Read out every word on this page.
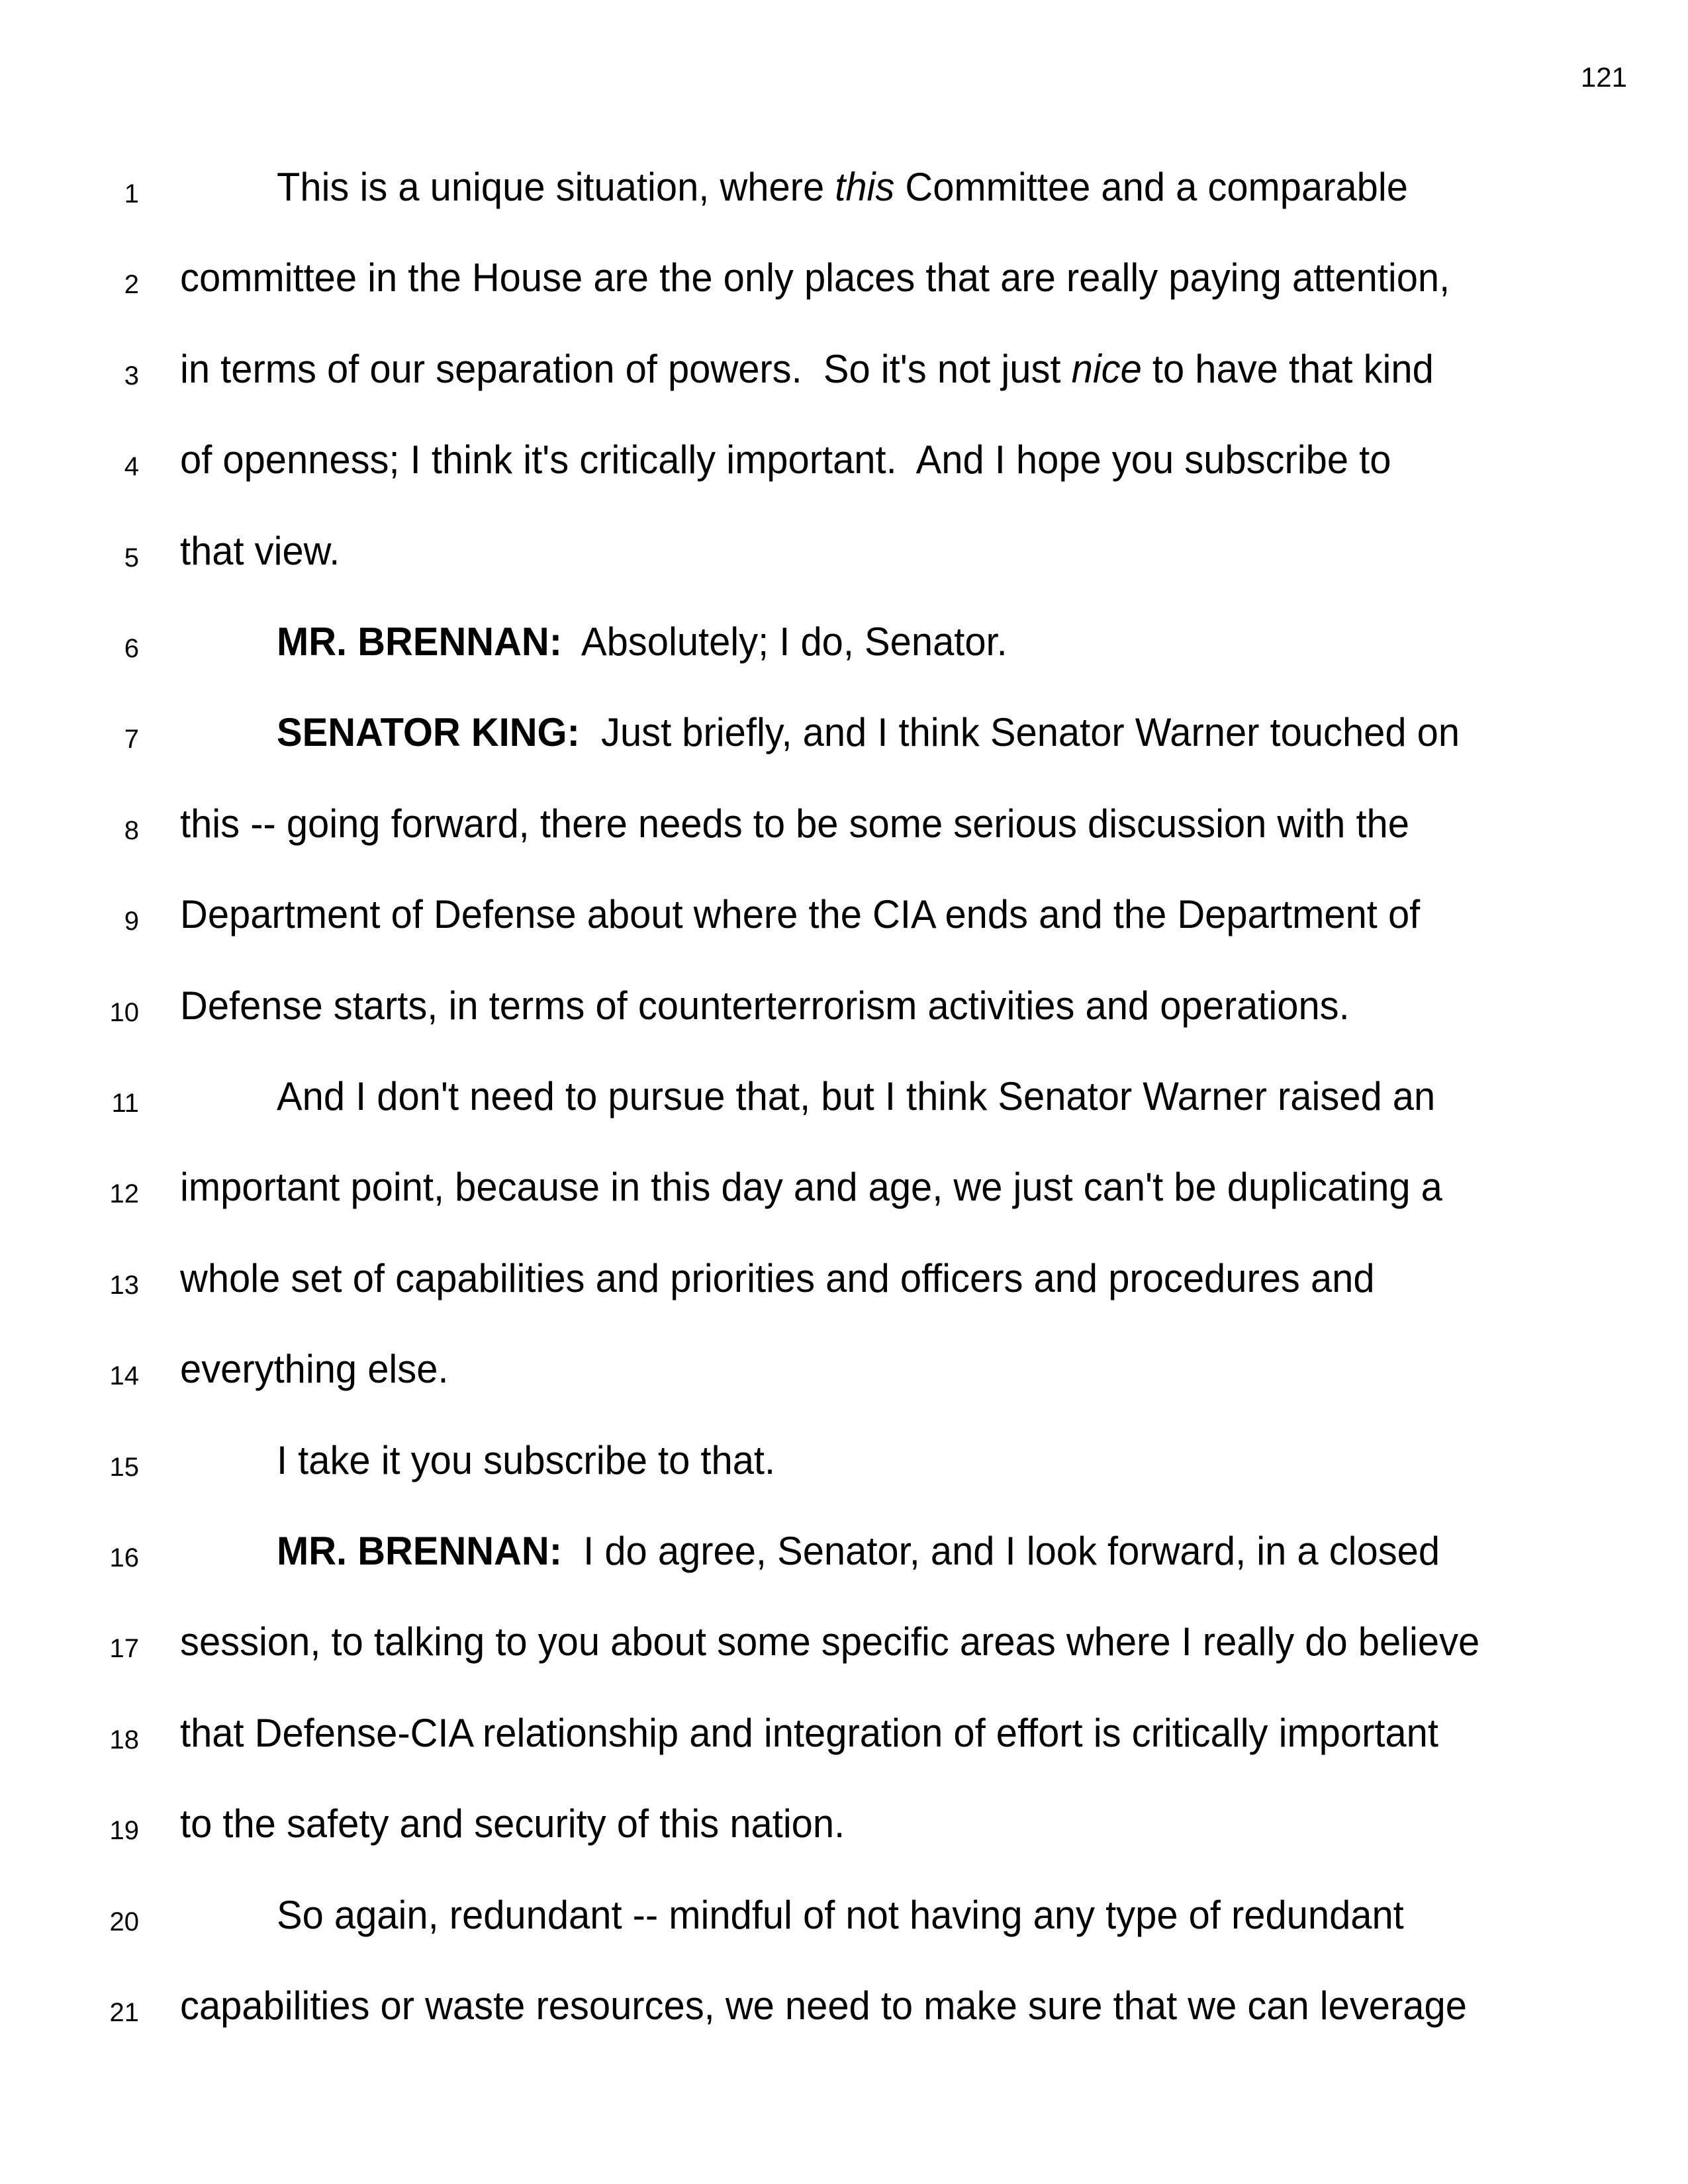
121
1	This is a unique situation, where this Committee and a comparable
2 committee in the House are the only places that are really paying attention,
3 in terms of our separation of powers.  So it's not just nice to have that kind
4 of openness; I think it's critically important.  And I hope you subscribe to
5 that view.
6	MR. BRENNAN:  Absolutely; I do, Senator.
7	SENATOR KING:  Just briefly, and I think Senator Warner touched on
8 this -- going forward, there needs to be some serious discussion with the
9 Department of Defense about where the CIA ends and the Department of
10 Defense starts, in terms of counterterrorism activities and operations.
11	And I don't need to pursue that, but I think Senator Warner raised an
12 important point, because in this day and age, we just can't be duplicating a
13 whole set of capabilities and priorities and officers and procedures and
14 everything else.
15	I take it you subscribe to that.
16	MR. BRENNAN:  I do agree, Senator, and I look forward, in a closed
17 session, to talking to you about some specific areas where I really do believe
18 that Defense-CIA relationship and integration of effort is critically important
19 to the safety and security of this nation.
20	So again, redundant -- mindful of not having any type of redundant
21 capabilities or waste resources, we need to make sure that we can leverage
